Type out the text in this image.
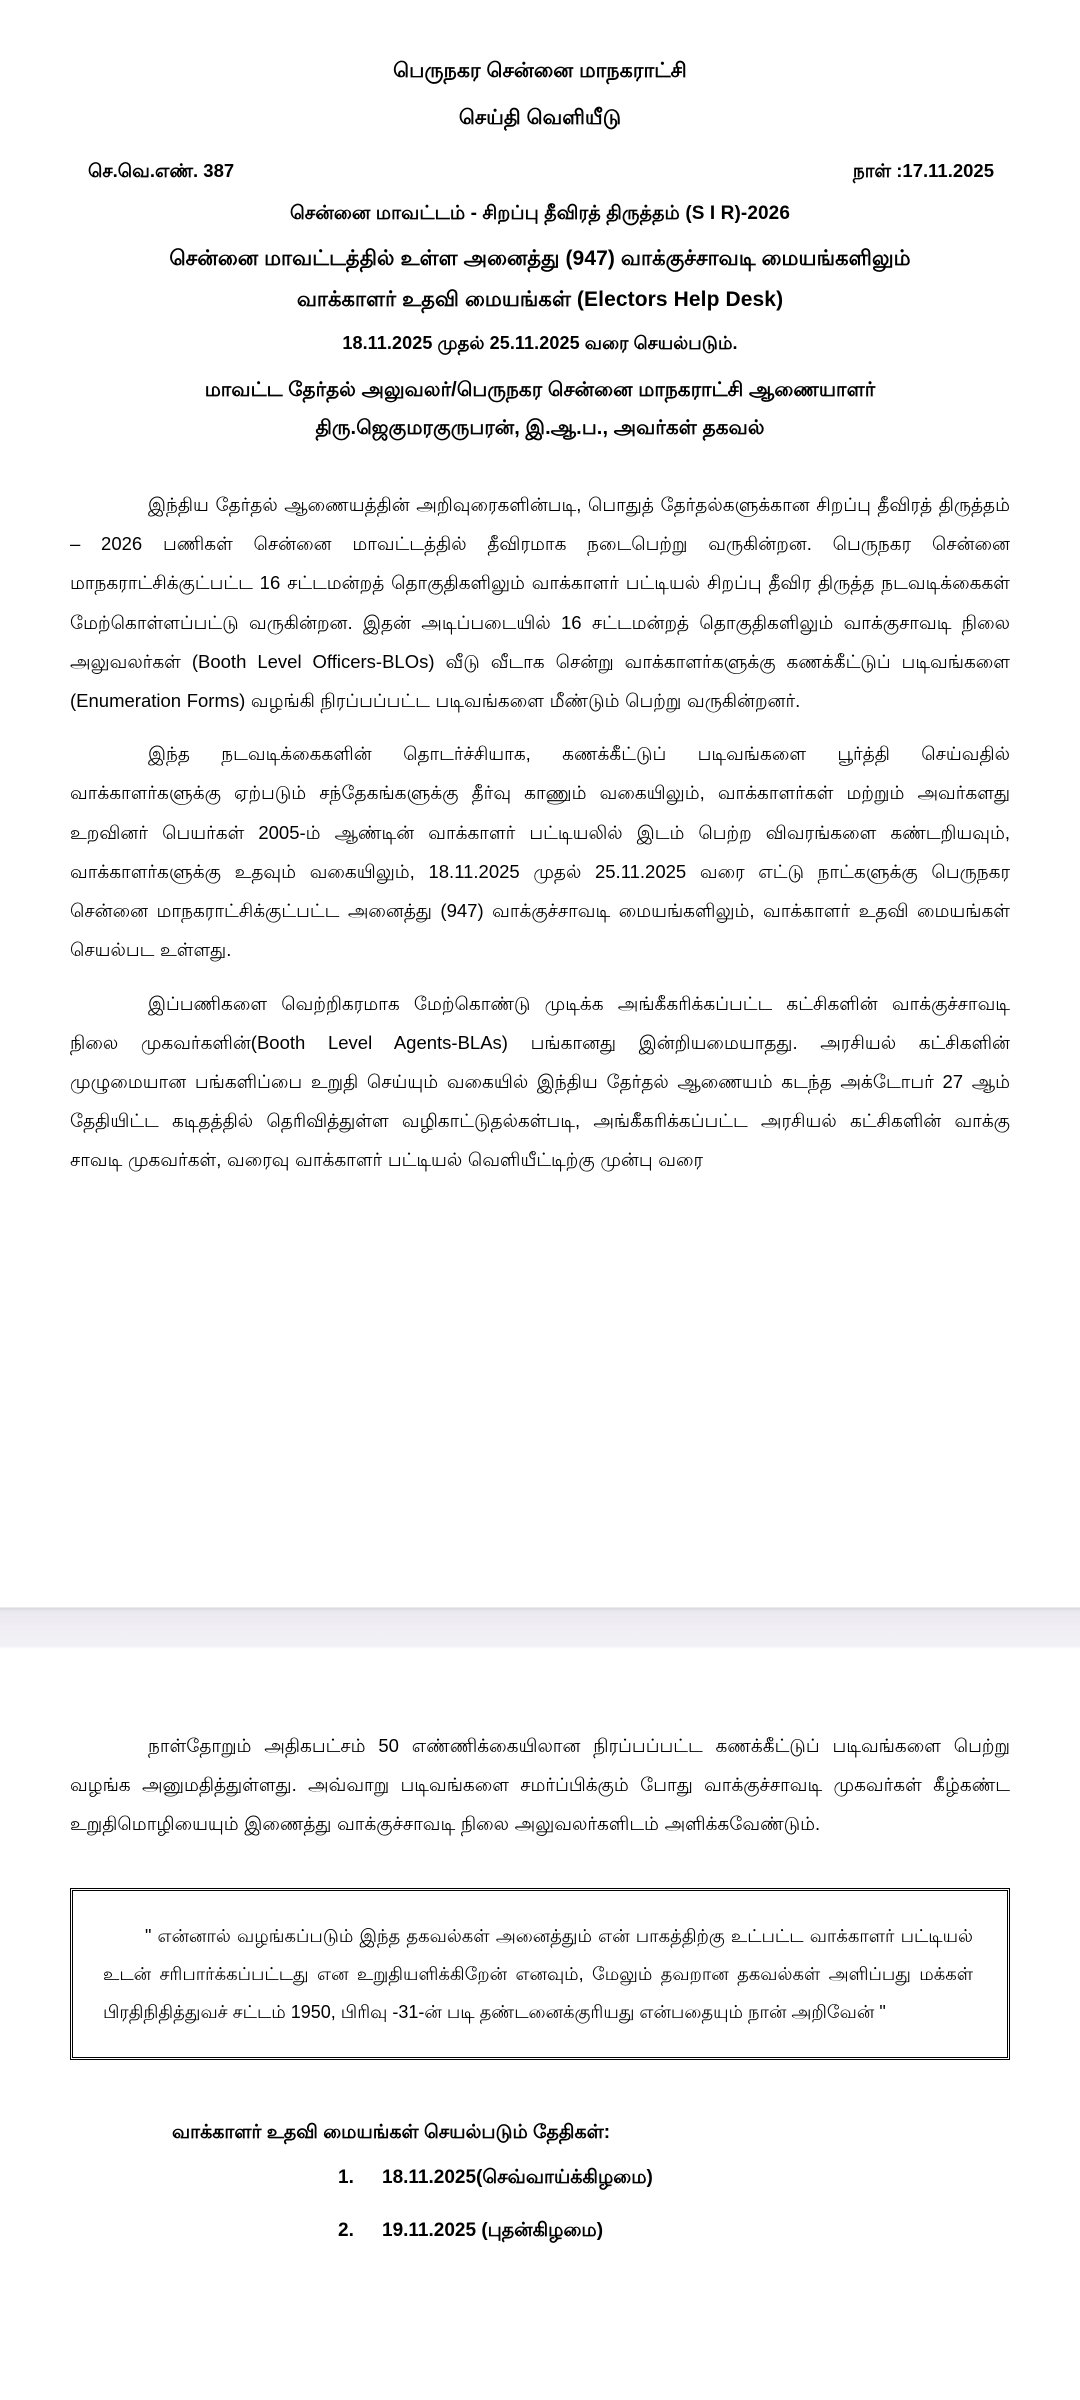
பெருநகர சென்னை மாநகராட்சி
செய்தி வெளியீடு
செ.வெ.எண். 387	நாள் :17.11.2025
சென்னை மாவட்டம் - சிறப்பு தீவிரத் திருத்தம் (S I R)-2026
சென்னை மாவட்டத்தில் உள்ள அனைத்து (947) வாக்குச்சாவடி மையங்களிலும்
வாக்காளர் உதவி மையங்கள் (Electors Help Desk)
18.11.2025 முதல் 25.11.2025 வரை செயல்படும்.
மாவட்ட தேர்தல் அலுவலர்/பெருநகர சென்னை மாநகராட்சி ஆணையாளர்
திரு.ஜெகுமரகுருபரன், இ.ஆ.ப., அவர்கள் தகவல்

இந்திய தேர்தல் ஆணையத்தின் அறிவுரைகளின்படி, பொதுத் தேர்தல்களுக்கான சிறப்பு தீவிரத் திருத்தம் – 2026 பணிகள் சென்னை மாவட்டத்தில் தீவிரமாக நடைபெற்று வருகின்றன. பெருநகர சென்னை மாநகராட்சிக்குட்பட்ட 16 சட்டமன்றத் தொகுதிகளிலும் வாக்காளர் பட்டியல் சிறப்பு தீவிர திருத்த நடவடிக்கைகள் மேற்கொள்ளப்பட்டு வருகின்றன. இதன் அடிப்படையில் 16 சட்டமன்றத் தொகுதிகளிலும் வாக்குசாவடி நிலை அலுவலர்கள் (Booth Level Officers-BLOs) வீடு வீடாக சென்று வாக்காளர்களுக்கு கணக்கீட்டுப் படிவங்களை (Enumeration Forms) வழங்கி நிரப்பப்பட்ட படிவங்களை மீண்டும் பெற்று வருகின்றனர்.

இந்த நடவடிக்கைகளின் தொடர்ச்சியாக, கணக்கீட்டுப் படிவங்களை பூர்த்தி செய்வதில் வாக்காளர்களுக்கு ஏற்படும் சந்தேகங்களுக்கு தீர்வு காணும் வகையிலும், வாக்காளர்கள் மற்றும் அவர்களது உறவினர் பெயர்கள் 2005-ம் ஆண்டின் வாக்காளர் பட்டியலில் இடம் பெற்ற விவரங்களை கண்டறியவும், வாக்காளர்களுக்கு உதவும் வகையிலும், 18.11.2025 முதல் 25.11.2025 வரை எட்டு நாட்களுக்கு பெருநகர சென்னை மாநகராட்சிக்குட்பட்ட அனைத்து (947) வாக்குச்சாவடி மையங்களிலும், வாக்காளர் உதவி மையங்கள் செயல்பட உள்ளது.

இப்பணிகளை வெற்றிகரமாக மேற்கொண்டு முடிக்க அங்கீகரிக்கப்பட்ட கட்சிகளின் வாக்குச்சாவடி நிலை முகவர்களின்(Booth Level Agents-BLAs) பங்கானது இன்றியமையாதது. அரசியல் கட்சிகளின் முழுமையான பங்களிப்பை உறுதி செய்யும் வகையில் இந்திய தேர்தல் ஆணையம் கடந்த அக்டோபர் 27 ஆம் தேதியிட்ட கடிதத்தில் தெரிவித்துள்ள வழிகாட்டுதல்கள்படி, அங்கீகரிக்கப்பட்ட அரசியல் கட்சிகளின் வாக்கு சாவடி முகவர்கள், வரைவு வாக்காளர் பட்டியல் வெளியீட்டிற்கு முன்பு வரை

நாள்தோறும் அதிகபட்சம் 50 எண்ணிக்கையிலான நிரப்பப்பட்ட கணக்கீட்டுப் படிவங்களை பெற்று வழங்க அனுமதித்துள்ளது. அவ்வாறு படிவங்களை சமர்ப்பிக்கும் போது வாக்குச்சாவடி முகவர்கள் கீழ்கண்ட உறுதிமொழியையும் இணைத்து வாக்குச்சாவடி நிலை அலுவலர்களிடம் அளிக்கவேண்டும்.

" என்னால் வழங்கப்படும் இந்த தகவல்கள் அனைத்தும் என் பாகத்திற்கு உட்பட்ட வாக்காளர் பட்டியல் உடன் சரிபார்க்கப்பட்டது என உறுதியளிக்கிறேன் எனவும், மேலும் தவறான தகவல்கள் அளிப்பது மக்கள் பிரதிநிதித்துவச் சட்டம் 1950, பிரிவு -31-ன் படி தண்டனைக்குரியது என்பதையும் நான் அறிவேன் "

வாக்காளர் உதவி மையங்கள் செயல்படும் தேதிகள்:
18.11.2025(செவ்வாய்க்கிழமை)
19.11.2025 (புதன்கிழமை)
